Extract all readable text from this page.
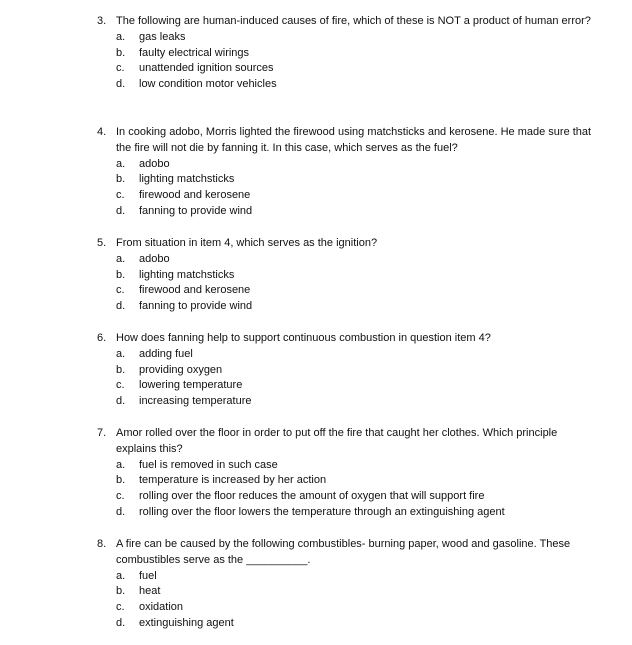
3. The following are human-induced causes of fire, which of these is NOT a product of human error?
a.	gas leaks
b.	faulty electrical wirings
c.	unattended ignition sources
d.	low condition motor vehicles
4. In cooking adobo, Morris lighted the firewood using matchsticks and kerosene. He made sure that the fire will not die by fanning it. In this case, which serves as the fuel?
a.	adobo
b.	lighting matchsticks
c.	firewood and kerosene
d.	fanning to provide wind
5. From situation in item 4, which serves as the ignition?
a.	adobo
b.	lighting matchsticks
c.	firewood and kerosene
d.	fanning to provide wind
6. How does fanning help to support continuous combustion in question item 4?
a.	adding fuel
b.	providing oxygen
c.	lowering temperature
d.	increasing temperature
7. Amor rolled over the floor in order to put off the fire that caught her clothes. Which principle explains this?
a.	fuel is removed in such case
b.	temperature is increased by her action
c.	rolling over the floor reduces the amount of oxygen that will support fire
d.	rolling over the floor lowers the temperature through an extinguishing agent
8. A fire can be caused by the following combustibles- burning paper, wood and gasoline. These combustibles serve as the __________.
a.	fuel
b.	heat
c.	oxidation
d.	extinguishing agent
